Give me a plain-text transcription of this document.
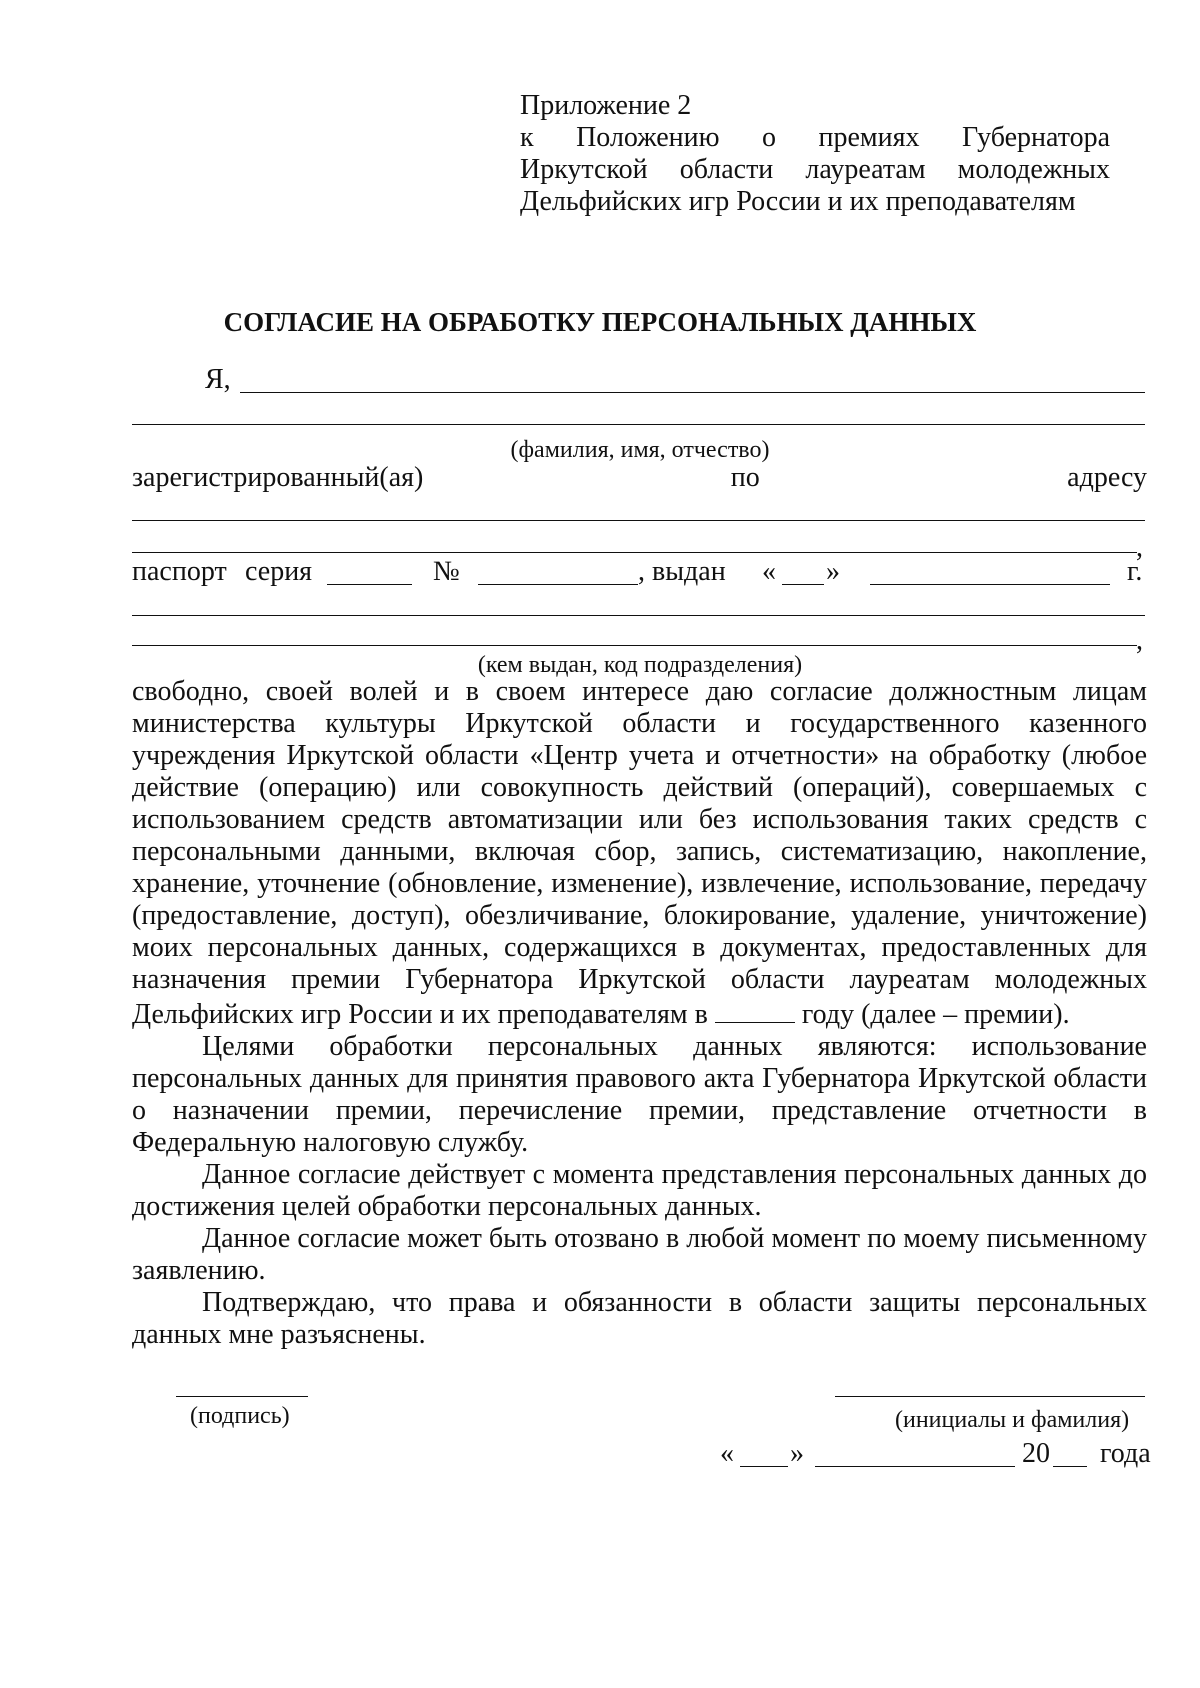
Приложение 2
к Положению о премиях Губернатора
Иркутской области лауреатам молодежных
Дельфийских игр России и их преподавателям
СОГЛАСИЕ НА ОБРАБОТКУ ПЕРСОНАЛЬНЫХ ДАННЫХ
Я,
(фамилия, имя, отчество)
зарегистрированный(ая)	по	адресу
,
паспорт серия	№	, выдан « »	г.
,
(кем выдан, код подразделения)

свободно, своей волей и в своем интересе даю согласие должностным лицам министерства культуры Иркутской области и государственного казенного учреждения Иркутской области «Центр учета и отчетности» на обработку (любое действие (операцию) или совокупность действий (операций), совершаемых с использованием средств автоматизации или без использования таких средств с персональными данными, включая сбор, запись, систематизацию, накопление, хранение, уточнение (обновление, изменение), извлечение, использование, передачу (предоставление, доступ), обезличивание, блокирование, удаление, уничтожение) моих персональных данных, содержащихся в документах, предоставленных для назначения премии Губернатора Иркутской области лауреатам молодежных Дельфийских игр России и их преподавателям в	году (далее – премии).

Целями обработки персональных данных являются: использование персональных данных для принятия правового акта Губернатора Иркутской области о назначении премии, перечисление премии, представление отчетности в Федеральную налоговую службу.

Данное согласие действует с момента представления персональных данных до достижения целей обработки персональных данных.

Данное согласие может быть отозвано в любой момент по моему письменному заявлению.

Подтверждаю, что права и обязанности в области защиты персональных данных мне разъяснены.

(подпись)	(инициалы и фамилия)
« »	20 года
